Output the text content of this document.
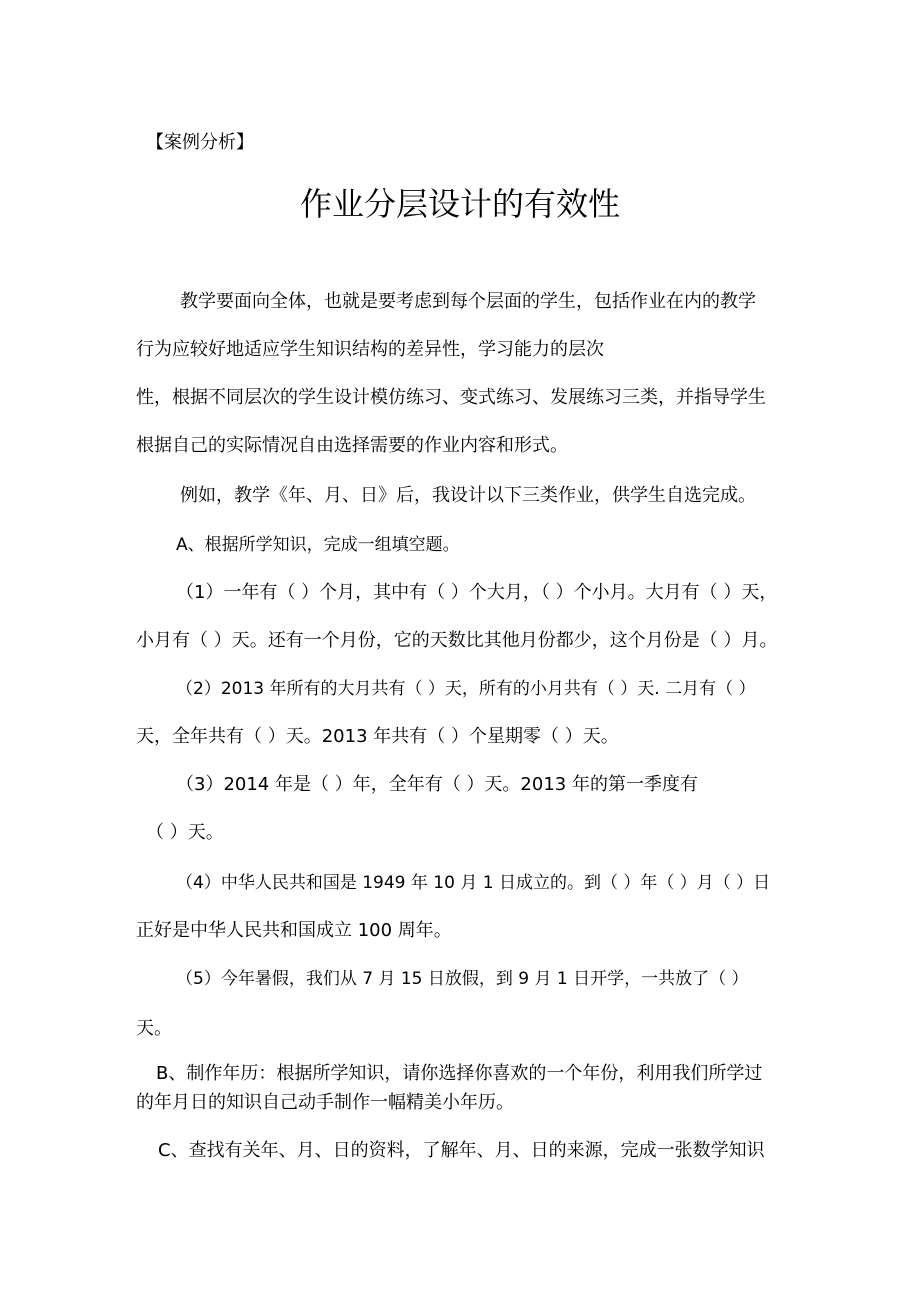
【案例分析】
作业分层设计的有效性
教学要面向全体，也就是要考虑到每个层面的学生，包括作业在内的教学
行为应较好地适应学生知识结构的差异性，学习能力的层次
性，根据不同层次的学生设计模仿练习、变式练习、发展练习三类，并指导学生
根据自己的实际情况自由选择需要的作业内容和形式。
例如，教学《年、月、日》后，我设计以下三类作业，供学生自选完成。
A、根据所学知识，完成一组填空题。
（1）一年有（ ）个月，其中有（ ）个大月，（ ）个小月。大月有（ ）天，
小月有（ ）天。还有一个月份，它的天数比其他月份都少，这个月份是（ ）月。
（2）2013 年所有的大月共有（ ）天，所有的小月共有（ ）天. 二月有（ ）
天，全年共有（ ）天。2013 年共有（ ）个星期零（ ）天。
（3）2014 年是（ ）年，全年有（ ）天。2013 年的第一季度有
（ ）天。
（4）中华人民共和国是 1949 年 10 月 1 日成立的。到（ ）年（ ）月（ ）日
正好是中华人民共和国成立 100 周年。
（5）今年暑假，我们从 7 月 15 日放假，到 9 月 1 日开学，一共放了（ ）
天。
B、制作年历：根据所学知识，请你选择你喜欢的一个年份，利用我们所学过
的年月日的知识自己动手制作一幅精美小年历。
C、查找有关年、月、日的资料，了解年、月、日的来源，完成一张数学知识
